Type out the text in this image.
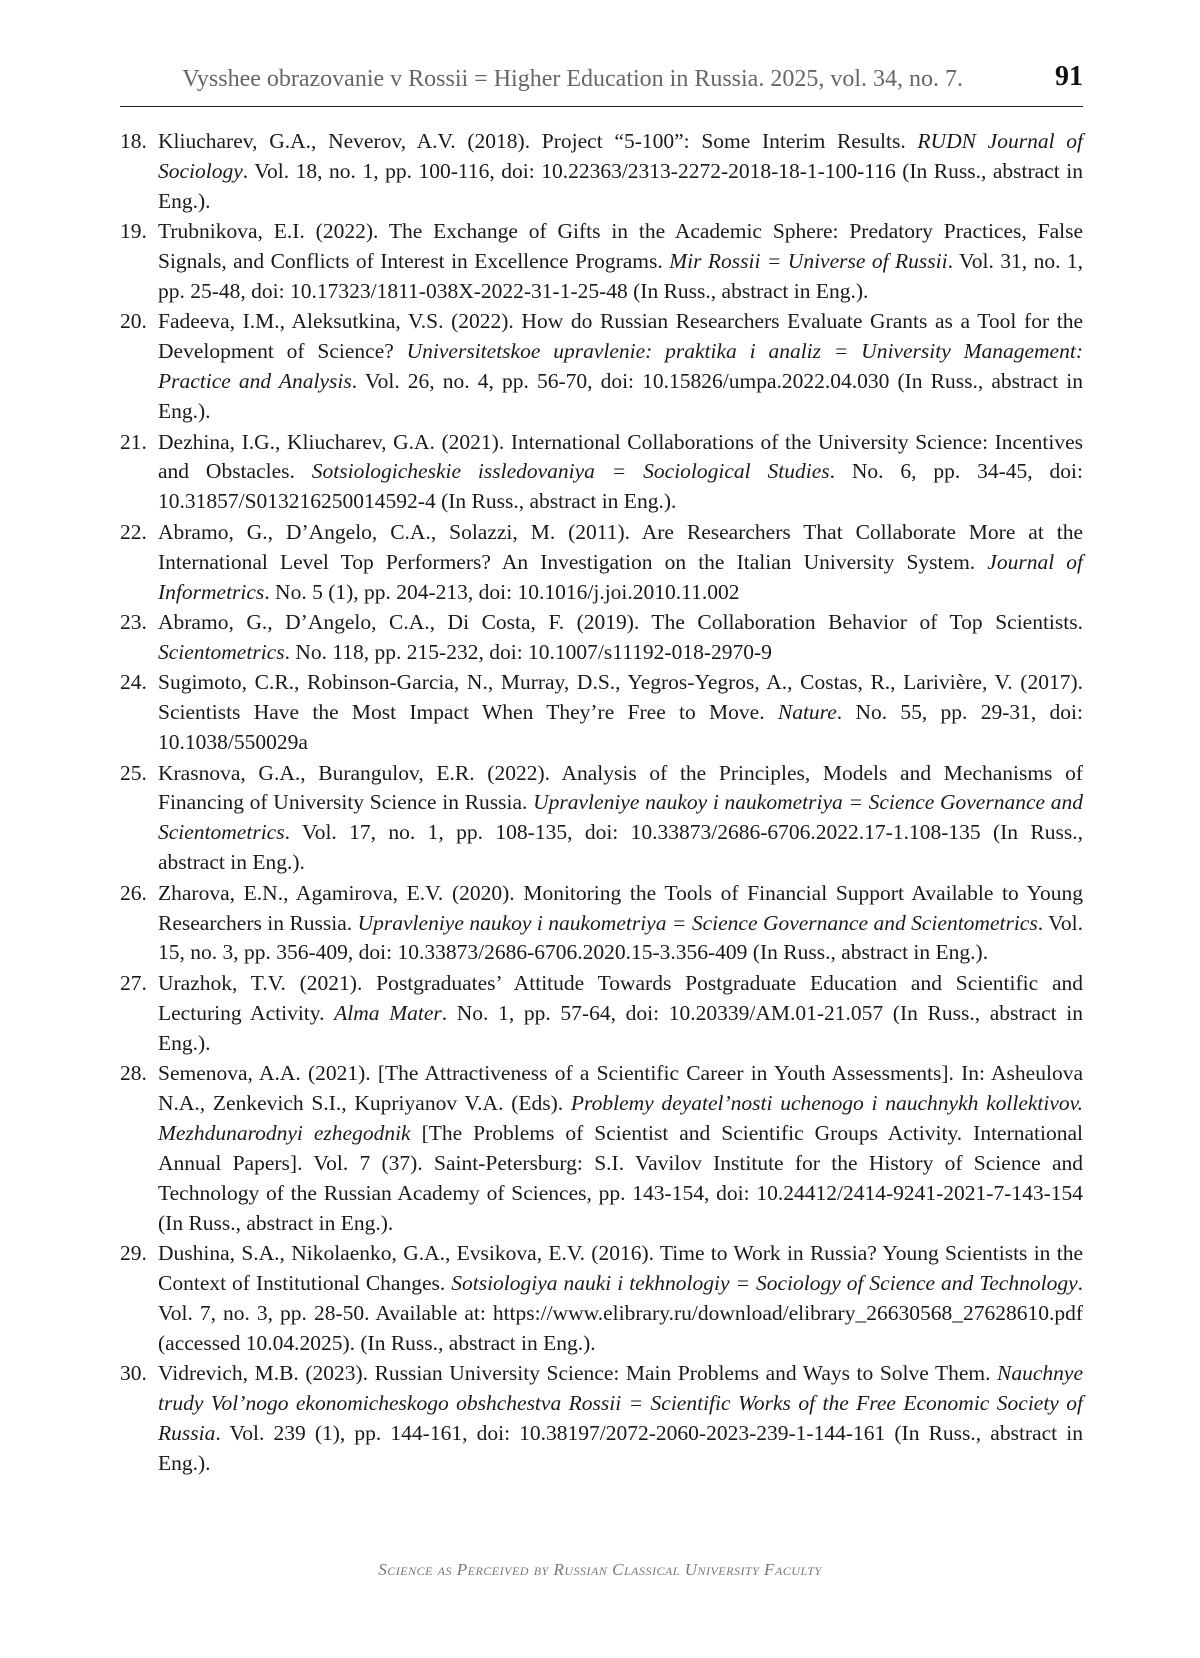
Vysshee obrazovanie v Rossii = Higher Education in Russia. 2025, vol. 34, no. 7.	91
18. Kliucharev, G.A., Neverov, A.V. (2018). Project “5-100”: Some Interim Results. RUDN Journal of Sociology. Vol. 18, no. 1, pp. 100-116, doi: 10.22363/2313-2272-2018-18-1-100-116 (In Russ., abstract in Eng.).
19. Trubnikova, E.I. (2022). The Exchange of Gifts in the Academic Sphere: Predatory Practices, False Signals, and Conflicts of Interest in Excellence Programs. Mir Rossii = Universe of Russii. Vol. 31, no. 1, pp. 25-48, doi: 10.17323/1811-038X-2022-31-1-25-48 (In Russ., abstract in Eng.).
20. Fadeeva, I.M., Aleksutkina, V.S. (2022). How do Russian Researchers Evaluate Grants as a Tool for the Development of Science? Universitetskoe upravlenie: praktika i analiz = University Management: Practice and Analysis. Vol. 26, no. 4, pp. 56-70, doi: 10.15826/umpa.2022.04.030 (In Russ., abstract in Eng.).
21. Dezhina, I.G., Kliucharev, G.A. (2021). International Collaborations of the University Science: Incentives and Obstacles. Sotsiologicheskie issledovaniya = Sociological Studies. No. 6, pp. 34-45, doi: 10.31857/S013216250014592-4 (In Russ., abstract in Eng.).
22. Abramo, G., D’Angelo, C.A., Solazzi, M. (2011). Are Researchers That Collaborate More at the International Level Top Performers? An Investigation on the Italian University System. Journal of Informetrics. No. 5 (1), pp. 204-213, doi: 10.1016/j.joi.2010.11.002
23. Abramo, G., D’Angelo, C.A., Di Costa, F. (2019). The Collaboration Behavior of Top Scientists. Scientometrics. No. 118, pp. 215-232, doi: 10.1007/s11192-018-2970-9
24. Sugimoto, C.R., Robinson-Garcia, N., Murray, D.S., Yegros-Yegros, A., Costas, R., Larivière, V. (2017). Scientists Have the Most Impact When They’re Free to Move. Nature. No. 55, pp. 29-31, doi: 10.1038/550029a
25. Krasnova, G.A., Burangulov, E.R. (2022). Analysis of the Principles, Models and Mechanisms of Financing of University Science in Russia. Upravleniye naukoy i naukometriya = Science Governance and Scientometrics. Vol. 17, no. 1, pp. 108-135, doi: 10.33873/2686-6706.2022.17-1.108-135 (In Russ., abstract in Eng.).
26. Zharova, E.N., Agamirova, E.V. (2020). Monitoring the Tools of Financial Support Available to Young Researchers in Russia. Upravleniye naukoy i naukometriya = Science Governance and Scientometrics. Vol. 15, no. 3, pp. 356-409, doi: 10.33873/2686-6706.2020.15-3.356-409 (In Russ., abstract in Eng.).
27. Urazhok, T.V. (2021). Postgraduates’ Attitude Towards Postgraduate Education and Scientific and Lecturing Activity. Alma Mater. No. 1, pp. 57-64, doi: 10.20339/AM.01-21.057 (In Russ., abstract in Eng.).
28. Semenova, A.A. (2021). [The Attractiveness of a Scientific Career in Youth Assessments]. In: Asheulova N.A., Zenkevich S.I., Kupriyanov V.A. (Eds). Problemy deyatel’nosti uchenogo i nauchnykh kollektivov. Mezhdunarodnyi ezhegodnik [The Problems of Scientist and Scientific Groups Activity. International Annual Papers]. Vol. 7 (37). Saint-Petersburg: S.I. Vavilov Institute for the History of Science and Technology of the Russian Academy of Sciences, pp. 143-154, doi: 10.24412/2414-9241-2021-7-143-154 (In Russ., abstract in Eng.).
29. Dushina, S.A., Nikolaenko, G.A., Evsikova, E.V. (2016). Time to Work in Russia? Young Scientists in the Context of Institutional Changes. Sotsiologiya nauki i tekhnologiy = Sociology of Science and Technology. Vol. 7, no. 3, pp. 28-50. Available at: https://www.elibrary.ru/download/elibrary_26630568_27628610.pdf (accessed 10.04.2025). (In Russ., abstract in Eng.).
30. Vidrevich, M.B. (2023). Russian University Science: Main Problems and Ways to Solve Them. Nauchnye trudy Vol’nogo ekonomicheskogo obshchestva Rossii = Scientific Works of the Free Economic Society of Russia. Vol. 239 (1), pp. 144-161, doi: 10.38197/2072-2060-2023-239-1-144-161 (In Russ., abstract in Eng.).
Science as Perceived by Russian Classical University Faculty
